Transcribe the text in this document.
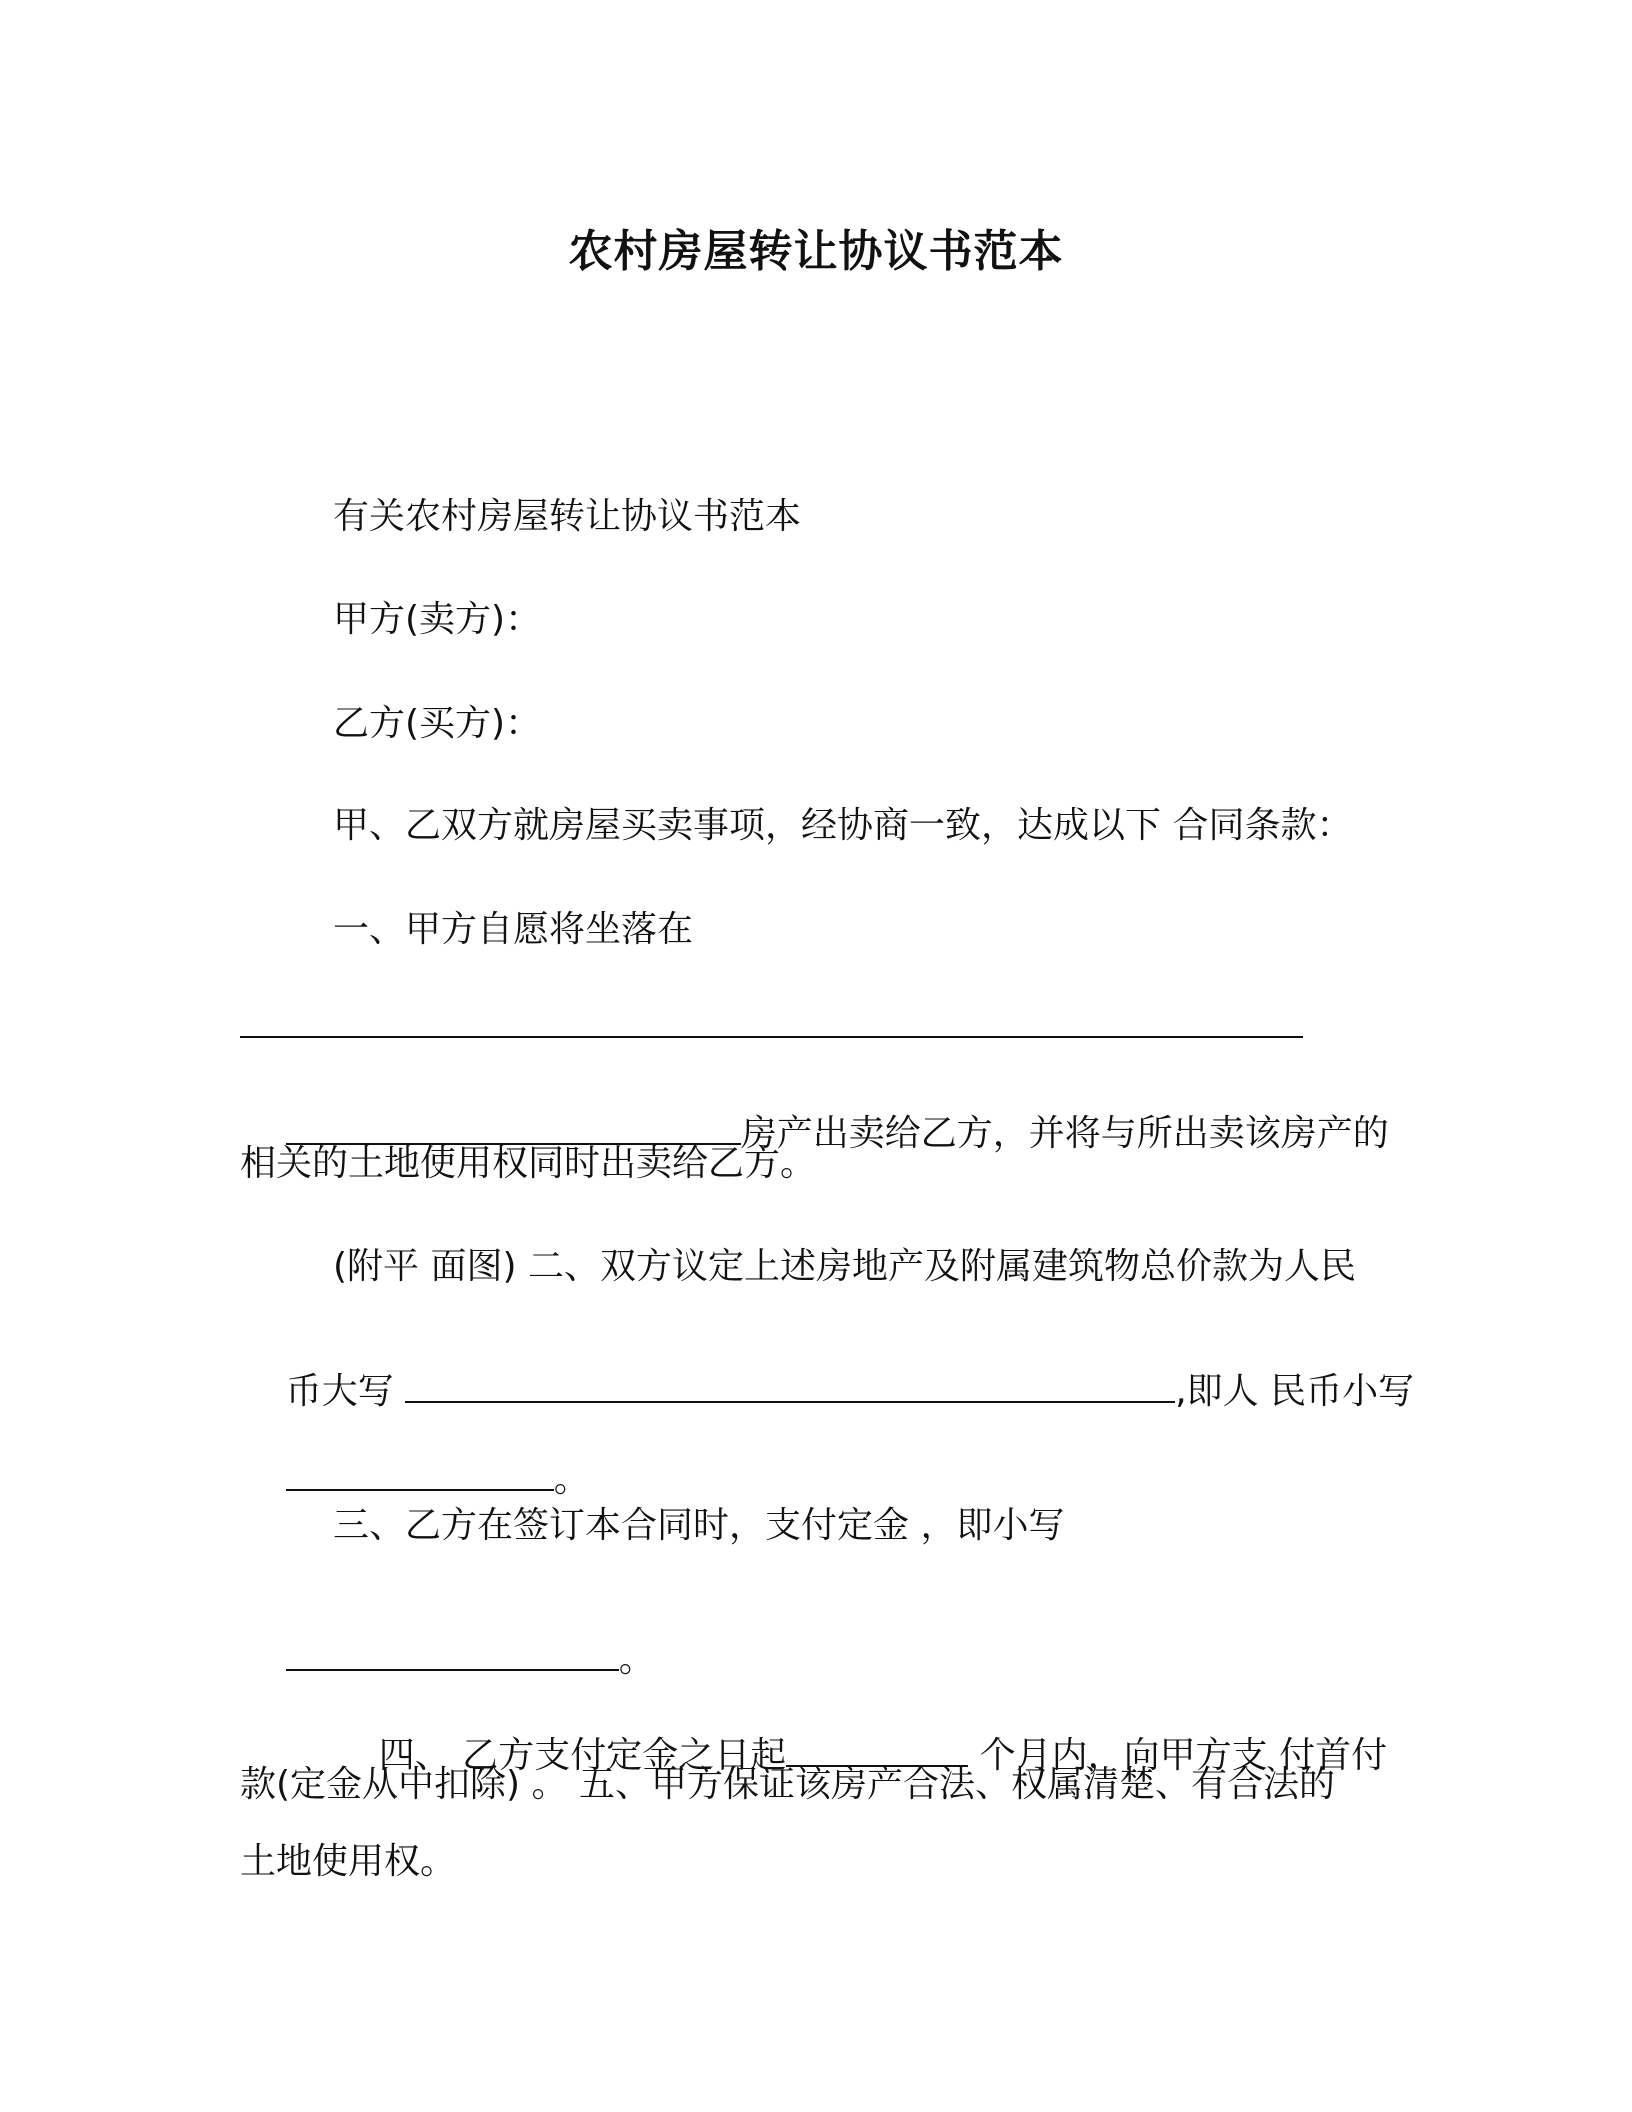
农村房屋转让协议书范本
有关农村房屋转让协议书范本
甲方(卖方)：
乙方(买方)：
甲、乙双方就房屋买卖事项，经协商一致，达成以下 合同条款：
一、甲方自愿将坐落在

房产出卖给乙方，并将与所出卖该房产的

相关的土地使用权同时出卖给乙方。
(附平 面图) 二、双方议定上述房地产及附属建筑物总价款为人民

币大写	,即人 民币小写

。

三、乙方在签订本合同时，支付定金 ，即小写

。

四、 乙方支付定金之日起	个月内，向甲方支 付首付

款(定金从中扣除) 。 五、甲方保证该房产合法、权属清楚、有合法的
土地使用权。
